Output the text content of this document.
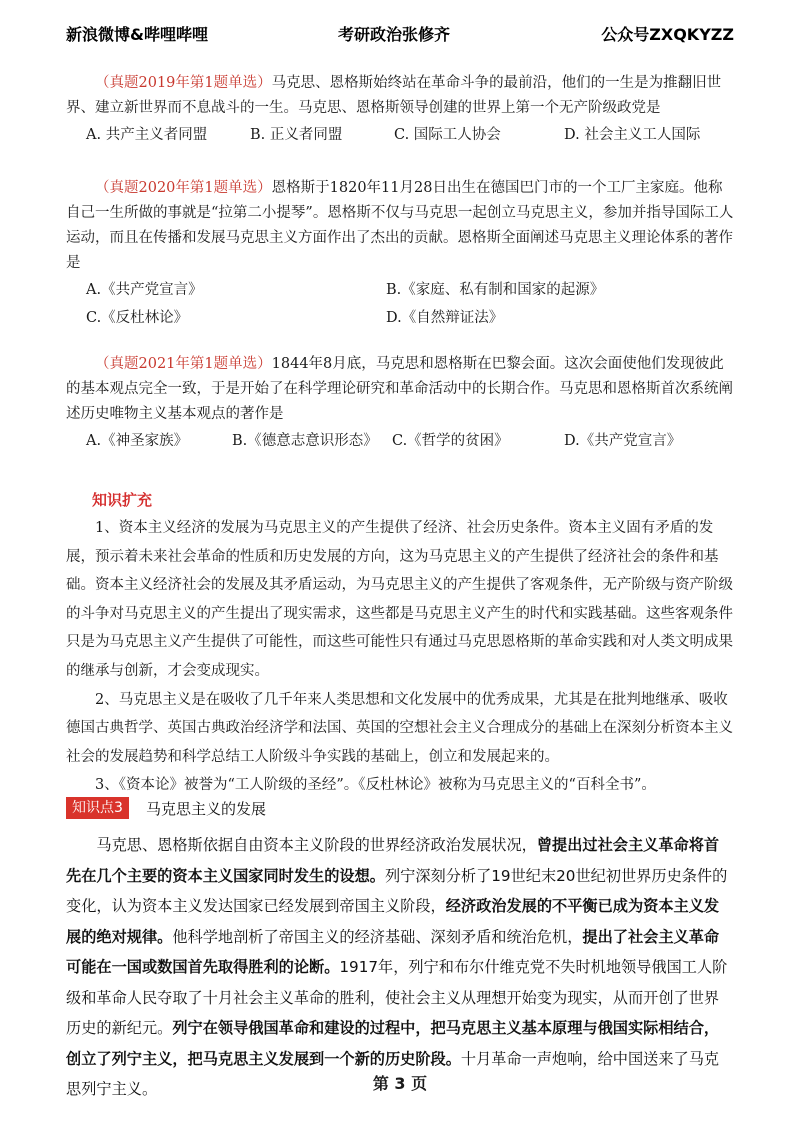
新浪微博&哔哩哔哩	考研政治张修齐	公众号ZXQKYZZ

（真题2019年第1题单选）马克思、恩格斯始终站在革命斗争的最前沿，他们的一生是为推翻旧世界、建立新世界而不息战斗的一生。马克思、恩格斯领导创建的世界上第一个无产阶级政党是

A. 共产主义者同盟	B. 正义者同盟	C. 国际工人协会	D. 社会主义工人国际

（真题2020年第1题单选）恩格斯于1820年11月28日出生在德国巴门市的一个工厂主家庭。他称自己一生所做的事就是“拉第二小提琴”。恩格斯不仅与马克思一起创立马克思主义，参加并指导国际工人运动，而且在传播和发展马克思主义方面作出了杰出的贡献。恩格斯全面阐述马克思主义理论体系的著作是

A.《共产党宣言》	B.《家庭、私有制和国家的起源》
C.《反杜林论》	D.《自然辩证法》

（真题2021年第1题单选）1844年8月底，马克思和恩格斯在巴黎会面。这次会面使他们发现彼此的基本观点完全一致，于是开始了在科学理论研究和革命活动中的长期合作。马克思和恩格斯首次系统阐述历史唯物主义基本观点的著作是

A.《神圣家族》	B.《德意志意识形态》 C.《哲学的贫困》	D.《共产党宣言》
知识扩充

1、资本主义经济的发展为马克思主义的产生提供了经济、社会历史条件。资本主义固有矛盾的发展，预示着未来社会革命的性质和历史发展的方向，这为马克思主义的产生提供了经济社会的条件和基础。资本主义经济社会的发展及其矛盾运动，为马克思主义的产生提供了客观条件，无产阶级与资产阶级的斗争对马克思主义的产生提出了现实需求，这些都是马克思主义产生的时代和实践基础。这些客观条件只是为马克思主义产生提供了可能性，而这些可能性只有通过马克思恩格斯的革命实践和对人类文明成果的继承与创新，才会变成现实。

2、马克思主义是在吸收了几千年来人类思想和文化发展中的优秀成果，尤其是在批判地继承、吸收德国古典哲学、英国古典政治经济学和法国、英国的空想社会主义合理成分的基础上在深刻分析资本主义社会的发展趋势和科学总结工人阶级斗争实践的基础上，创立和发展起来的。

3、《资本论》被誉为“工人阶级的圣经”。《反杜林论》被称为马克思主义的“百科全书”。

知识点3 马克思主义的发展

马克思、恩格斯依据自由资本主义阶段的世界经济政治发展状况，曾提出过社会主义革命将首先在几个主要的资本主义国家同时发生的设想。列宁深刻分析了19世纪末20世纪初世界历史条件的变化，认为资本主义发达国家已经发展到帝国主义阶段，经济政治发展的不平衡已成为资本主义发展的绝对规律。他科学地剖析了帝国主义的经济基础、深刻矛盾和统治危机，提出了社会主义革命可能在一国或数国首先取得胜利的论断。1917年，列宁和布尔什维克党不失时机地领导俄国工人阶级和革命人民夺取了十月社会主义革命的胜利，使社会主义从理想开始变为现实，从而开创了世界历史的新纪元。列宁在领导俄国革命和建设的过程中，把马克思主义基本原理与俄国实际相结合，创立了列宁主义，把马克思主义发展到一个新的历史阶段。十月革命一声炮响，给中国送来了马克思列宁主义。	第 3 页
